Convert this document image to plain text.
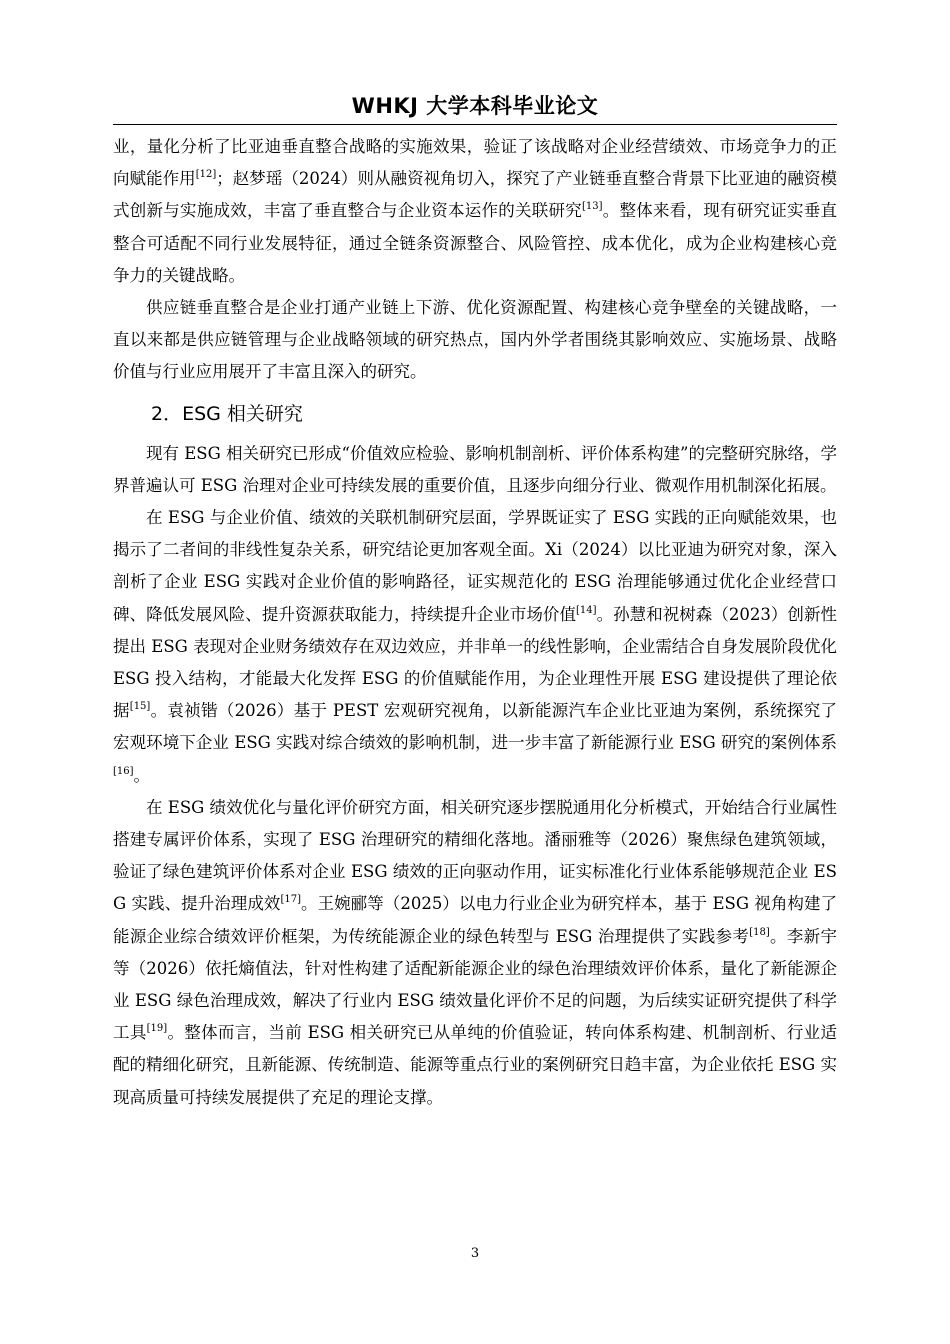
WHKJ 大学本科毕业论文

业，量化分析了比亚迪垂直整合战略的实施效果，验证了该战略对企业经营绩效、市场竞争力的正向赋能作用[12]；赵梦瑶（2024）则从融资视角切入，探究了产业链垂直整合背景下比亚迪的融资模式创新与实施成效，丰富了垂直整合与企业资本运作的关联研究[13]。整体来看，现有研究证实垂直整合可适配不同行业发展特征，通过全链条资源整合、风险管控、成本优化，成为企业构建核心竞争力的关键战略。

供应链垂直整合是企业打通产业链上下游、优化资源配置、构建核心竞争壁垒的关键战略，一直以来都是供应链管理与企业战略领域的研究热点，国内外学者围绕其影响效应、实施场景、战略价值与行业应用展开了丰富且深入的研究。

2．ESG 相关研究

现有 ESG 相关研究已形成“价值效应检验、影响机制剖析、评价体系构建”的完整研究脉络，学界普遍认可 ESG 治理对企业可持续发展的重要价值，且逐步向细分行业、微观作用机制深化拓展。

在 ESG 与企业价值、绩效的关联机制研究层面，学界既证实了 ESG 实践的正向赋能效果，也揭示了二者间的非线性复杂关系，研究结论更加客观全面。Xi（2024）以比亚迪为研究对象，深入剖析了企业 ESG 实践对企业价值的影响路径，证实规范化的 ESG 治理能够通过优化企业经营口碑、降低发展风险、提升资源获取能力，持续提升企业市场价值[14]。孙慧和祝树森（2023）创新性提出 ESG 表现对企业财务绩效存在双边效应，并非单一的线性影响，企业需结合自身发展阶段优化 ESG 投入结构，才能最大化发挥 ESG 的价值赋能作用，为企业理性开展 ESG 建设提供了理论依据[15]。袁祯锴（2026）基于 PEST 宏观研究视角，以新能源汽车企业比亚迪为案例，系统探究了宏观环境下企业 ESG 实践对综合绩效的影响机制，进一步丰富了新能源行业 ESG 研究的案例体系[16]。

在 ESG 绩效优化与量化评价研究方面，相关研究逐步摆脱通用化分析模式，开始结合行业属性搭建专属评价体系，实现了 ESG 治理研究的精细化落地。潘丽雅等（2026）聚焦绿色建筑领域，验证了绿色建筑评价体系对企业 ESG 绩效的正向驱动作用，证实标准化行业体系能够规范企业 ESG 实践、提升治理成效[17]。王婉郦等（2025）以电力行业企业为研究样本，基于 ESG 视角构建了能源企业综合绩效评价框架，为传统能源企业的绿色转型与 ESG 治理提供了实践参考[18]。李新宇等（2026）依托熵值法，针对性构建了适配新能源企业的绿色治理绩效评价体系，量化了新能源企业 ESG 绿色治理成效，解决了行业内 ESG 绩效量化评价不足的问题，为后续实证研究提供了科学工具[19]。整体而言，当前 ESG 相关研究已从单纯的价值验证，转向体系构建、机制剖析、行业适配的精细化研究，且新能源、传统制造、能源等重点行业的案例研究日趋丰富，为企业依托 ESG 实现高质量可持续发展提供了充足的理论支撑。

3
